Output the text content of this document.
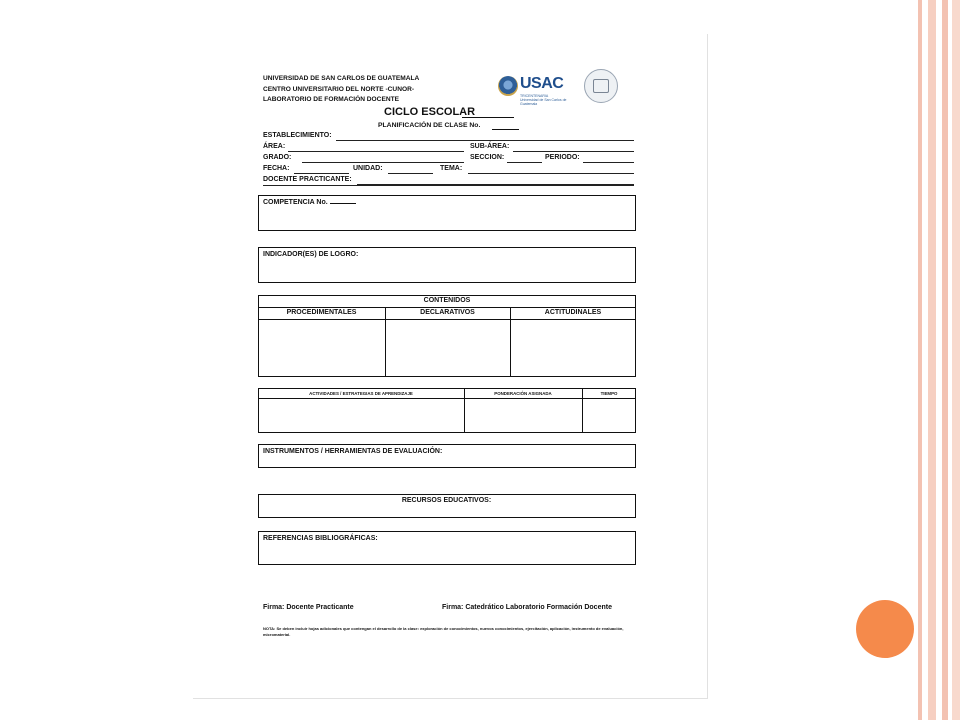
UNIVERSIDAD DE SAN CARLOS DE GUATEMALA
CENTRO UNIVERSITARIO DEL NORTE -CUNOR-
LABORATORIO DE FORMACIÓN DOCENTE
USAC
TRICENTENARIA
Universidad de San Carlos de Guatemala
CICLO ESCOLAR
PLANIFICACIÓN DE CLASE No.
ESTABLECIMIENTO:
ÁREA:	SUB-ÁREA:
GRADO:	SECCION:	PERIODO:
FECHA:	UNIDAD:	TEMA:
DOCENTE PRACTICANTE:
COMPETENCIA No.
INDICADOR(ES) DE LOGRO:
CONTENIDOS
PROCEDIMENTALES	DECLARATIVOS	ACTITUDINALES
ACTIVIDADES / ESTRATEGIAS DE APRENDIZAJE	PONDERACIÓN ASIGNADA	TIEMPO
INSTRUMENTOS / HERRAMIENTAS DE EVALUACIÓN:
RECURSOS EDUCATIVOS:
REFERENCIAS BIBLIOGRÁFICAS:
Firma: Docente Practicante	Firma: Catedrático Laboratorio Formación Docente
NOTA: Se deben incluir hojas adicionales que contengan el desarrollo de la clase: exploración de conocimientos, nuevos conocimientos, ejercitación, aplicación, instrumento de evaluación, micromaterial.
